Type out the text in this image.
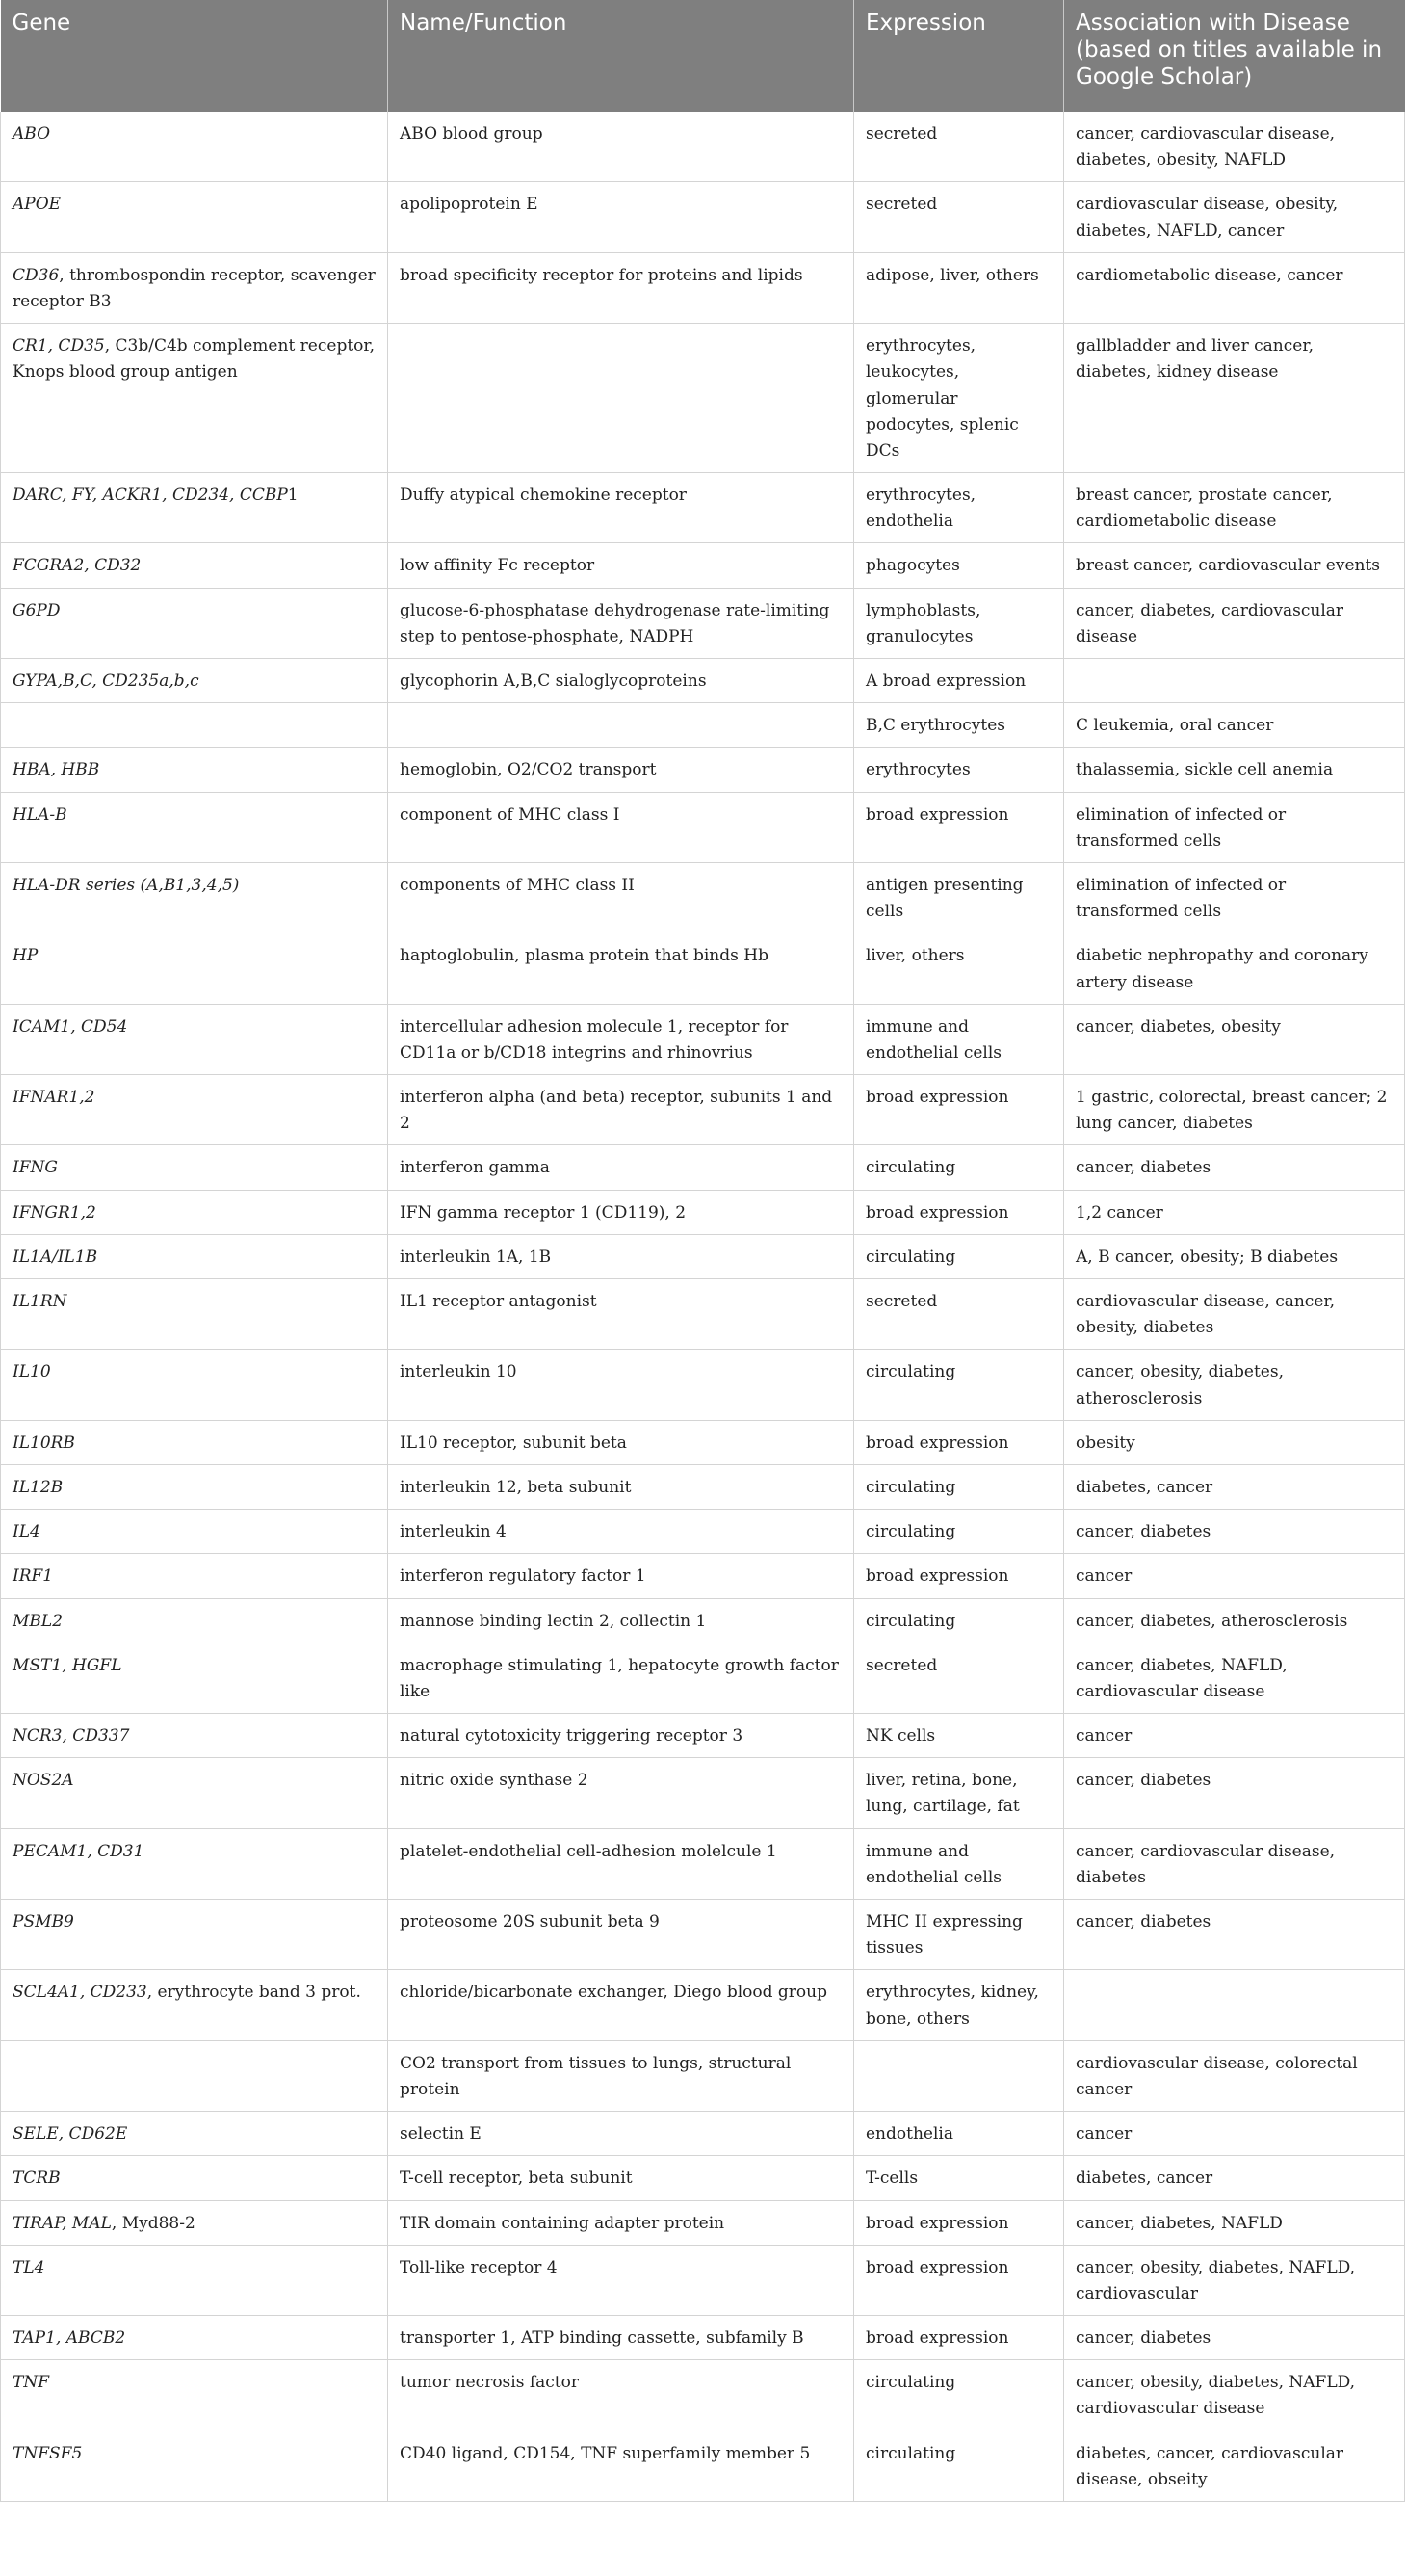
Gene	Name/Function	Expression	Association with Disease (based on titles available in Google Scholar)
ABO	ABO blood group	secreted	cancer, cardiovascular disease, diabetes, obesity, NAFLD
APOE	apolipoprotein E	secreted	cardiovascular disease, obesity, diabetes, NAFLD, cancer
CD36, thrombospondin receptor, scavenger receptor B3	broad specificity receptor for proteins and lipids	adipose, liver, others	cardiometabolic disease, cancer
CR1, CD35, C3b/C4b complement receptor, Knops blood group antigen		erythrocytes, leukocytes, glomerular podocytes, splenic DCs	gallbladder and liver cancer, diabetes, kidney disease
DARC, FY, ACKR1, CD234, CCBP1	Duffy atypical chemokine receptor	erythrocytes, endothelia	breast cancer, prostate cancer, cardiometabolic disease
FCGRA2, CD32	low affinity Fc receptor	phagocytes	breast cancer, cardiovascular events
G6PD	glucose-6-phosphatase dehydrogenase rate-limiting step to pentose-phosphate, NADPH	lymphoblasts, granulocytes	cancer, diabetes, cardiovascular disease
GYPA,B,C, CD235a,b,c	glycophorin A,B,C sialoglycoproteins	A broad expression	
		B,C erythrocytes	C leukemia, oral cancer
HBA, HBB	hemoglobin, O2/CO2 transport	erythrocytes	thalassemia, sickle cell anemia
HLA-B	component of MHC class I	broad expression	elimination of infected or transformed cells
HLA-DR series (A,B1,3,4,5)	components of MHC class II	antigen presenting cells	elimination of infected or transformed cells
HP	haptoglobulin, plasma protein that binds Hb	liver, others	diabetic nephropathy and coronary artery disease
ICAM1, CD54	intercellular adhesion molecule 1, receptor for CD11a or b/CD18 integrins and rhinovrius	immune and endothelial cells	cancer, diabetes, obesity
IFNAR1,2	interferon alpha (and beta) receptor, subunits 1 and 2	broad expression	1 gastric, colorectal, breast cancer; 2 lung cancer, diabetes
IFNG	interferon gamma	circulating	cancer, diabetes
IFNGR1,2	IFN gamma receptor 1 (CD119), 2	broad expression	1,2 cancer
IL1A/IL1B	interleukin 1A, 1B	circulating	A, B cancer, obesity; B diabetes
IL1RN	IL1 receptor antagonist	secreted	cardiovascular disease, cancer, obesity, diabetes
IL10	interleukin 10	circulating	cancer, obesity, diabetes, atherosclerosis
IL10RB	IL10 receptor, subunit beta	broad expression	obesity
IL12B	interleukin 12, beta subunit	circulating	diabetes, cancer
IL4	interleukin 4	circulating	cancer, diabetes
IRF1	interferon regulatory factor 1	broad expression	cancer
MBL2	mannose binding lectin 2, collectin 1	circulating	cancer, diabetes, atherosclerosis
MST1, HGFL	macrophage stimulating 1, hepatocyte growth factor like	secreted	cancer, diabetes, NAFLD, cardiovascular disease
NCR3, CD337	natural cytotoxicity triggering receptor 3	NK cells	cancer
NOS2A	nitric oxide synthase 2	liver, retina, bone, lung, cartilage, fat	cancer, diabetes
PECAM1, CD31	platelet-endothelial cell-adhesion molelcule 1	immune and endothelial cells	cancer, cardiovascular disease, diabetes
PSMB9	proteosome 20S subunit beta 9	MHC II expressing tissues	cancer, diabetes
SCL4A1, CD233, erythrocyte band 3 prot.	chloride/bicarbonate exchanger, Diego blood group	erythrocytes, kidney, bone, others	
	CO2 transport from tissues to lungs, structural protein		cardiovascular disease, colorectal cancer
SELE, CD62E	selectin E	endothelia	cancer
TCRB	T-cell receptor, beta subunit	T-cells	diabetes, cancer
TIRAP, MAL, Myd88-2	TIR domain containing adapter protein	broad expression	cancer, diabetes, NAFLD
TL4	Toll-like receptor 4	broad expression	cancer, obesity, diabetes, NAFLD, cardiovascular
TAP1, ABCB2	transporter 1, ATP binding cassette, subfamily B	broad expression	cancer, diabetes
TNF	tumor necrosis factor	circulating	cancer, obesity, diabetes, NAFLD, cardiovascular disease
TNFSF5	CD40 ligand, CD154, TNF superfamily member 5	circulating	diabetes, cancer, cardiovascular disease, obseity
